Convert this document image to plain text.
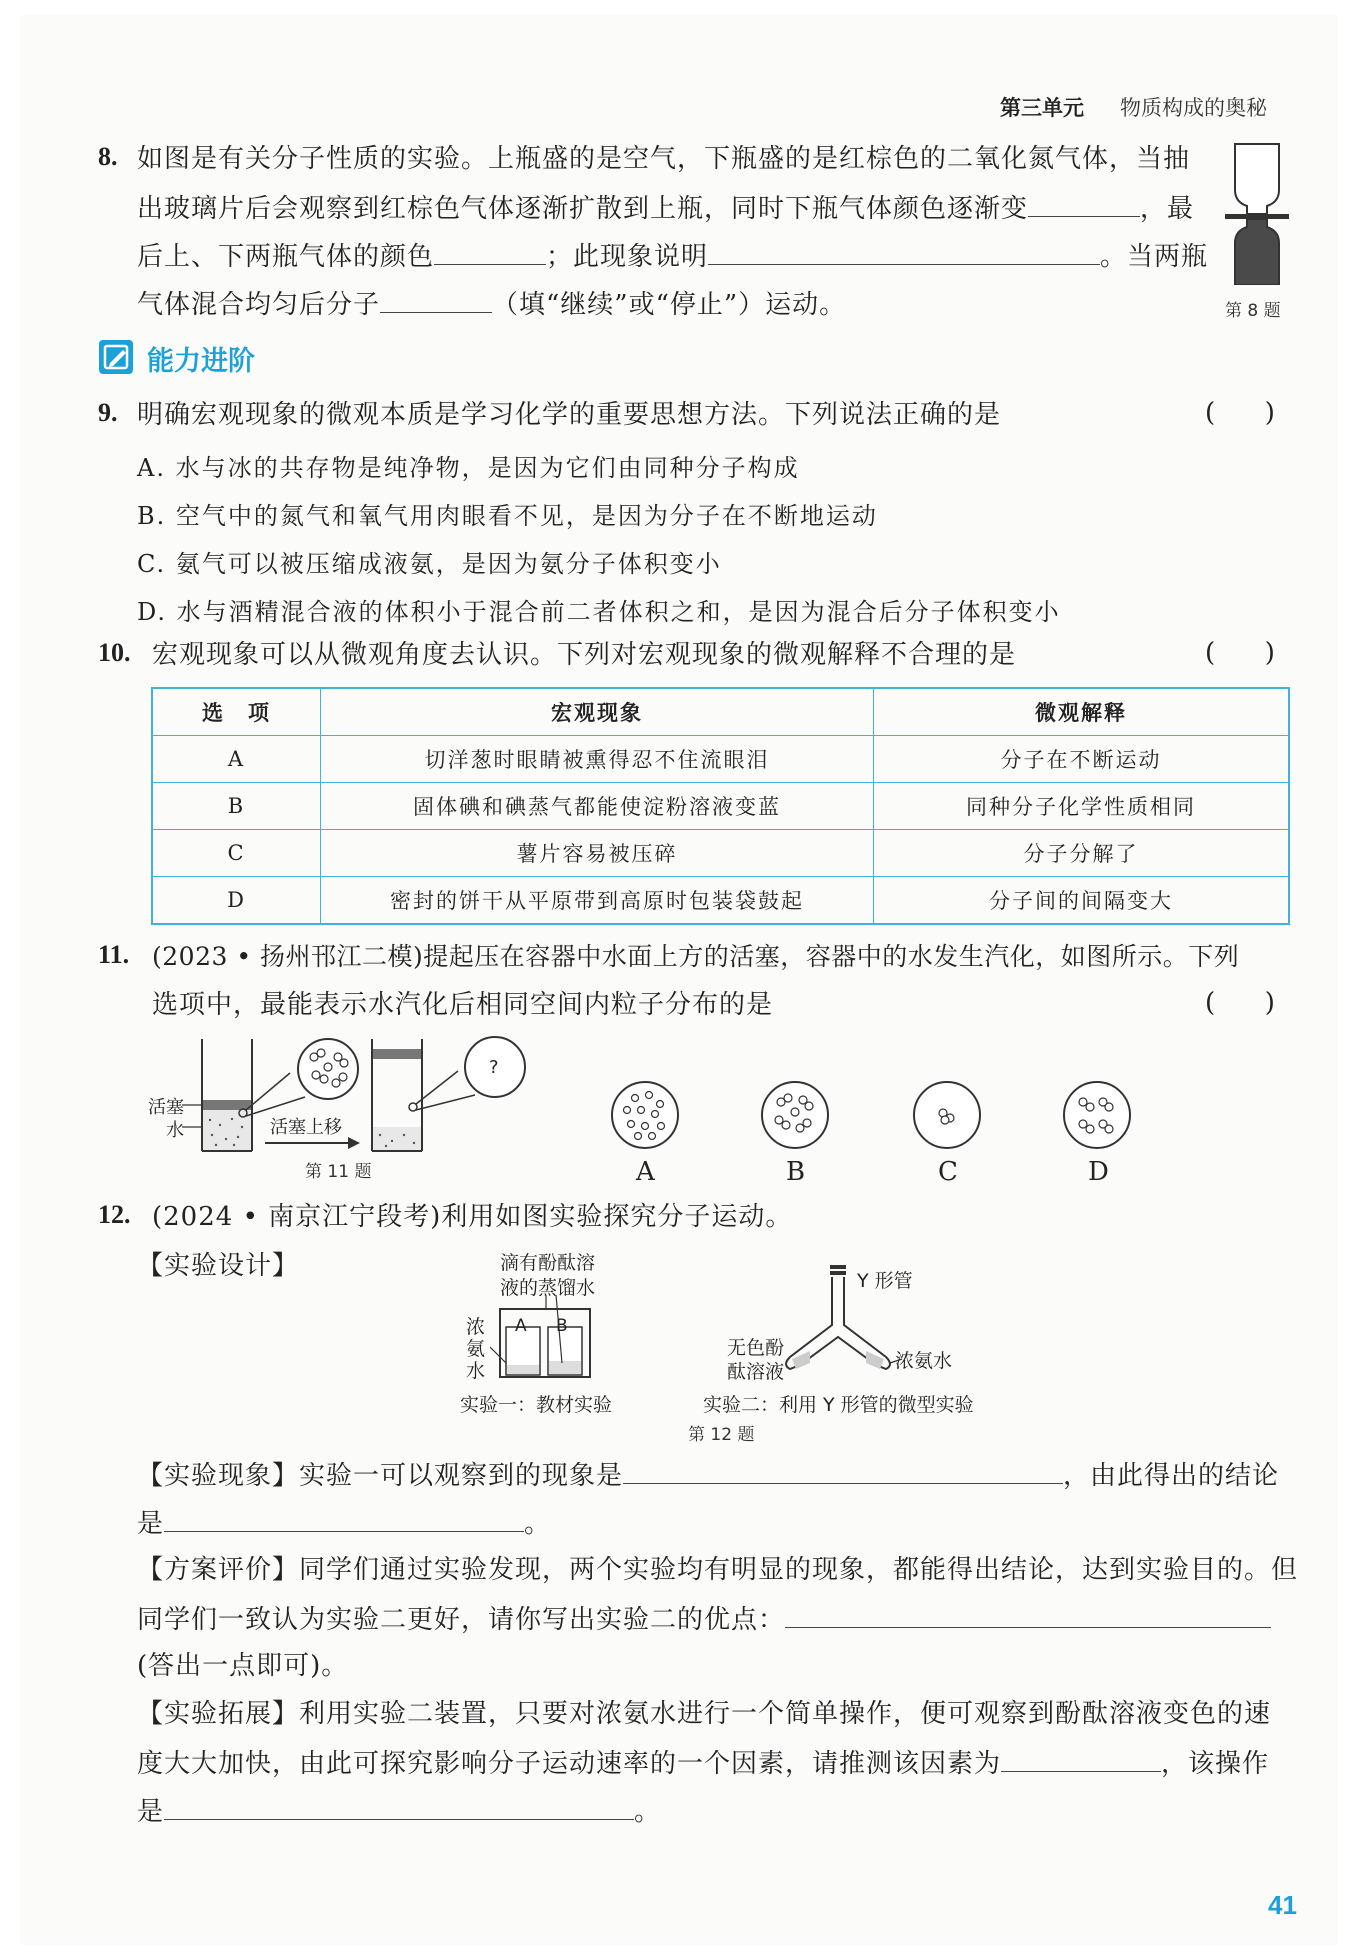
第三单元 物质构成的奥秘
8. 如图是有关分子性质的实验。上瓶盛的是空气，下瓶盛的是红棕色的二氧化氮气体，当抽
出玻璃片后会观察到红棕色气体逐渐扩散到上瓶，同时下瓶气体颜色逐渐变	，最
后上、下两瓶气体的颜色	；此现象说明	。当两瓶
气体混合均匀后分子	（填“继续”或“停止”）运动。	第 8 题
能力进阶
9. 明确宏观现象的微观本质是学习化学的重要思想方法。下列说法正确的是	(      )
A. 水与冰的共存物是纯净物，是因为它们由同种分子构成
B. 空气中的氮气和氧气用肉眼看不见，是因为分子在不断地运动
C. 氨气可以被压缩成液氨，是因为氨分子体积变小
D. 水与酒精混合液的体积小于混合前二者体积之和，是因为混合后分子体积变小
10. 宏观现象可以从微观角度去认识。下列对宏观现象的微观解释不合理的是	(      )
选　项	宏观现象	微观解释
A	切洋葱时眼睛被熏得忍不住流眼泪	分子在不断运动
B	固体碘和碘蒸气都能使淀粉溶液变蓝	同种分子化学性质相同
C	薯片容易被压碎	分子分解了
D	密封的饼干从平原带到高原时包装袋鼓起	分子间的间隔变大
11. (2023 • 扬州邗江二模)提起压在容器中水面上方的活塞，容器中的水发生汽化，如图所示。下列
选项中，最能表示水汽化后相同空间内粒子分布的是	(      )
活塞
水	活塞上移
?
第 11 题	A	B	C	D
12. (2024 • 南京江宁段考)利用如图实验探究分子运动。
【实验设计】	滴有酚酞溶
液的蒸馏水
浓
氨
水
A B
实验一：教材实验
Y 形管
无色酚
酞溶液	浓氨水
实验二：利用 Y 形管的微型实验
第 12 题
【实验现象】实验一可以观察到的现象是	，由此得出的结论
是	。
【方案评价】同学们通过实验发现，两个实验均有明显的现象，都能得出结论，达到实验目的。但
同学们一致认为实验二更好，请你写出实验二的优点：
(答出一点即可)。
【实验拓展】利用实验二装置，只要对浓氨水进行一个简单操作，便可观察到酚酞溶液变色的速
度大大加快，由此可探究影响分子运动速率的一个因素，请推测该因素为	，该操作
是	。
41
